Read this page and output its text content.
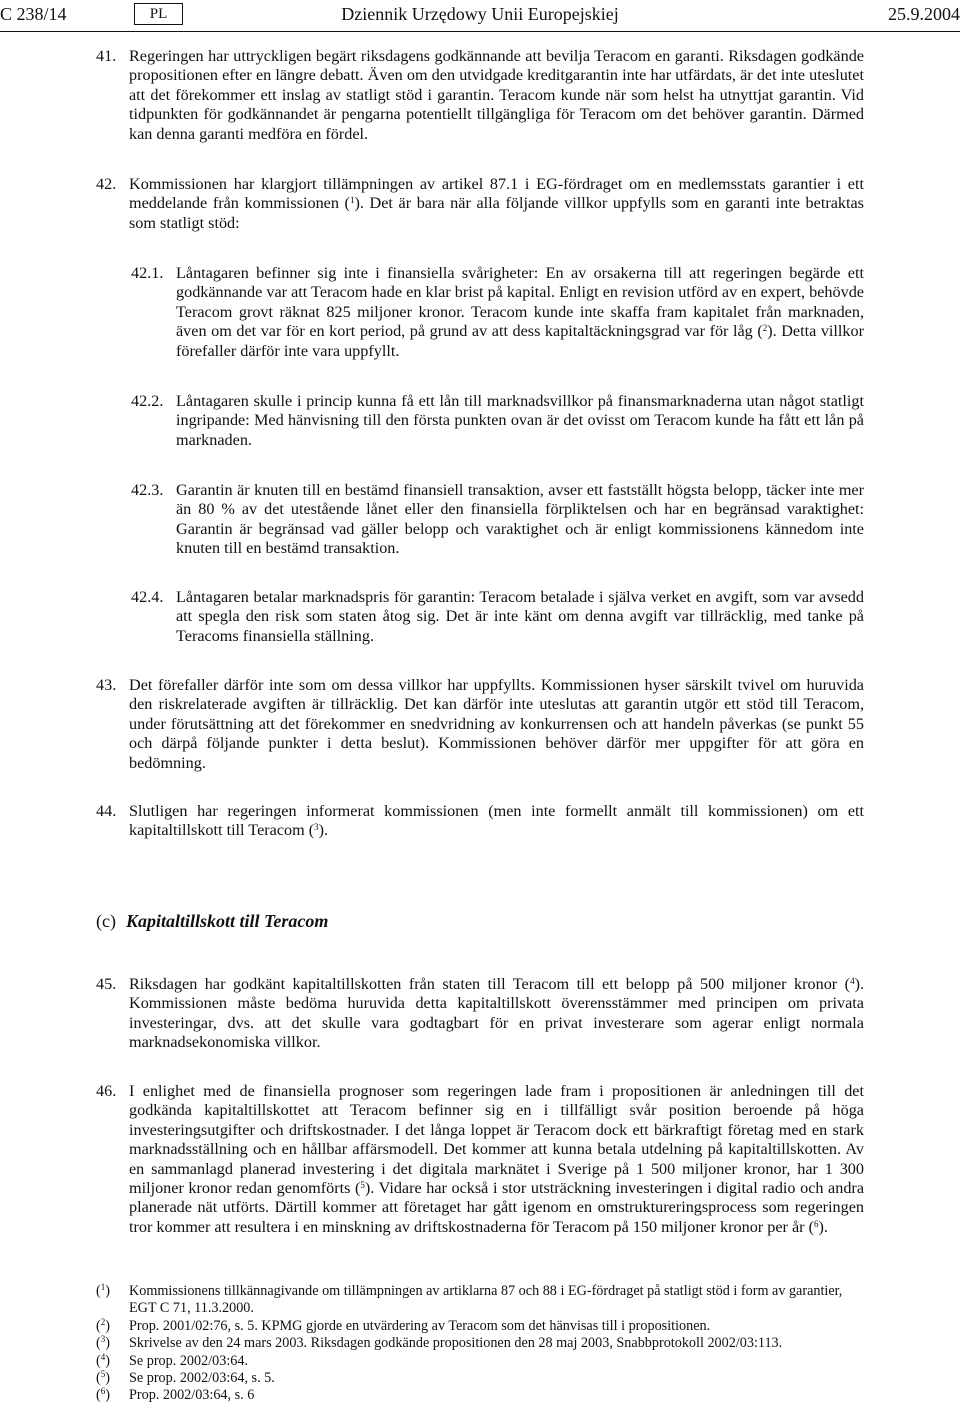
C 238/14	Dziennik Urzędowy Unii Europejskiej
PL	25.9.2004
41. Regeringen har uttryckligen begärt riksdagens godkännande att bevilja Teracom en garanti. Riksdagen godkände propositionen efter en längre debatt. Även om den utvidgade kreditgarantin inte har utfärdats, är det inte uteslutet att det förekommer ett inslag av statligt stöd i garantin. Teracom kunde när som helst ha utnyttjat garantin. Vid tidpunkten för godkännandet är pengarna potentiellt tillgängliga för Teracom om det behöver garantin. Därmed kan denna garanti medföra en fördel.
42. Kommissionen har klargjort tillämpningen av artikel 87.1 i EG-fördraget om en medlemsstats garantier i ett meddelande från kommissionen ($^1$). Det är bara när alla följande villkor uppfylls som en garanti inte betraktas som statligt stöd:
42.1. Låntagaren befinner sig inte i finansiella svårigheter: En av orsakerna till att regeringen begärde ett godkännande var att Teracom hade en klar brist på kapital. Enligt en revision utförd av en expert, behövde Teracom grovt räknat 825 miljoner kronor. Teracom kunde inte skaffa fram kapitalet från marknaden, även om det var för en kort period, på grund av att dess kapitaltäckningsgrad var för låg ($^2$). Detta villkor förefaller därför inte vara uppfyllt.
42.2. Låntagaren skulle i princip kunna få ett lån till marknadsvillkor på finansmarknaderna utan något statligt ingripande: Med hänvisning till den första punkten ovan är det ovisst om Teracom kunde ha fått ett lån på marknaden.
42.3. Garantin är knuten till en bestämd finansiell transaktion, avser ett fastställt högsta belopp, täcker inte mer än 80 % av det utestående lånet eller den finansiella förpliktelsen och har en begränsad varaktighet: Garantin är begränsad vad gäller belopp och varaktighet och är enligt kommissionens kännedom inte knuten till en bestämd transaktion.
42.4. Låntagaren betalar marknadspris för garantin: Teracom betalade i själva verket en avgift, som var avsedd att spegla den risk som staten åtog sig. Det är inte känt om denna avgift var tillräcklig, med tanke på Teracoms finansiella ställning.
43. Det förefaller därför inte som om dessa villkor har uppfyllts. Kommissionen hyser särskilt tvivel om huruvida den riskrelaterade avgiften är tillräcklig. Det kan därför inte uteslutas att garantin utgör ett stöd till Teracom, under förutsättning att det förekommer en snedvridning av konkurrensen och att handeln påverkas (se punkt 55 och därpå följande punkter i detta beslut). Kommissionen behöver därför mer uppgifter för att göra en bedömning.
44. Slutligen har regeringen informerat kommissionen (men inte formellt anmält till kommissionen) om ett kapitaltillskott till Teracom ($^3$).
(c) Kapitaltillskott till Teracom
45. Riksdagen har godkänt kapitaltillskotten från staten till Teracom till ett belopp på 500 miljoner kronor ($^4$). Kommissionen måste bedöma huruvida detta kapitaltillskott överensstämmer med principen om privata investeringar, dvs. att det skulle vara godtagbart för en privat investerare som agerar enligt normala marknadsekonomiska villkor.
46. I enlighet med de finansiella prognoser som regeringen lade fram i propositionen är anledningen till det godkända kapitaltillskottet att Teracom befinner sig en i tillfälligt svår position beroende på höga investeringsutgifter och driftskostnader. I det långa loppet är Teracom dock ett bärkraftigt företag med en stark marknadsställning och en hållbar affärsmodell. Det kommer att kunna betala utdelning på kapitaltillskotten. Av en sammanlagd planerad investering i det digitala marknätet i Sverige på 1 500 miljoner kronor, har 1 300 miljoner kronor redan genomförts ($^5$). Vidare har också i stor utsträckning investeringen i digital radio och andra planerade nät utförts. Därtill kommer att företaget har gått igenom en omstruktureringsprocess som regeringen tror kommer att resultera i en minskning av driftskostnaderna för Teracom på 150 miljoner kronor per år ($^6$).
($^1$) Kommissionens tillkännagivande om tillämpningen av artiklarna 87 och 88 i EG-fördraget på statligt stöd i form av garantier, EGT C 71, 11.3.2000.
($^2$) Prop. 2001/02:76, s. 5. KPMG gjorde en utvärdering av Teracom som det hänvisas till i propositionen.
($^3$) Skrivelse av den 24 mars 2003. Riksdagen godkände propositionen den 28 maj 2003, Snabbprotokoll 2002/03:113.
($^4$) Se prop. 2002/03:64.
($^5$) Se prop. 2002/03:64, s. 5.
($^6$) Prop. 2002/03:64, s. 6
